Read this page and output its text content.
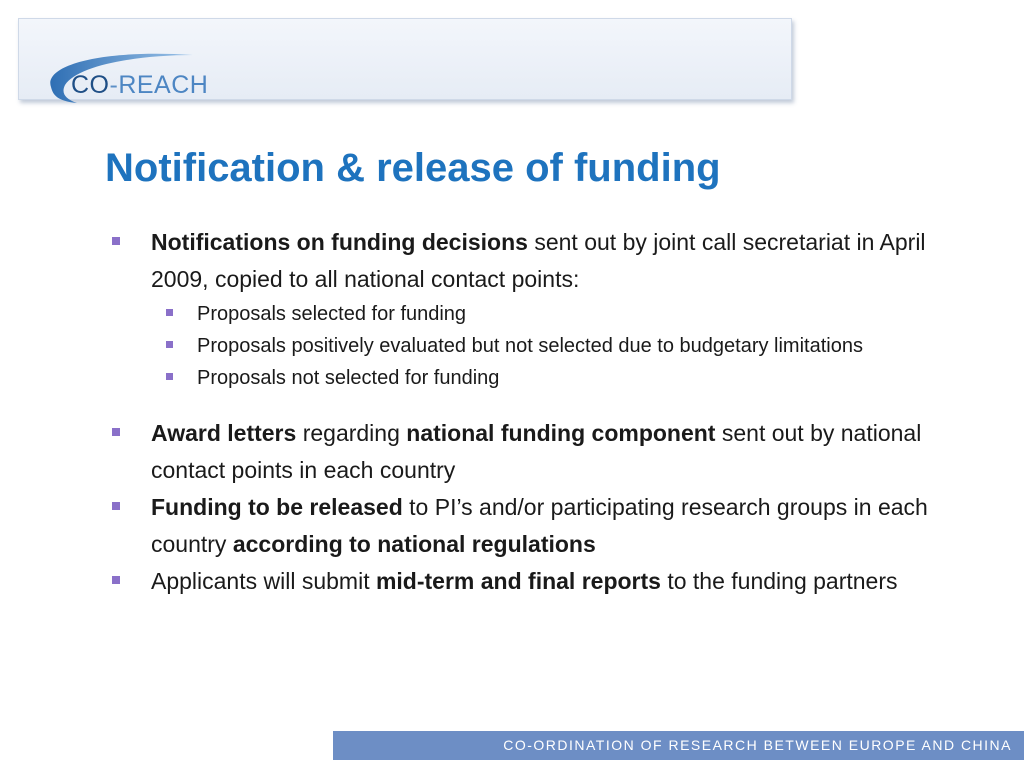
CO-REACH
Notification & release of funding

Notifications on funding decisions sent out by joint call secretariat in April 2009, copied to all national contact points:

Proposals selected for funding

Proposals positively evaluated but not selected due to budgetary limitations

Proposals not selected for funding

Award letters regarding national funding component sent out by national contact points in each country

Funding to be released to PI’s and/or participating research groups in each country according to national regulations

Applicants will submit mid-term and final reports to the funding partners

CO-ORDINATION OF RESEARCH BETWEEN EUROPE AND CHINA
